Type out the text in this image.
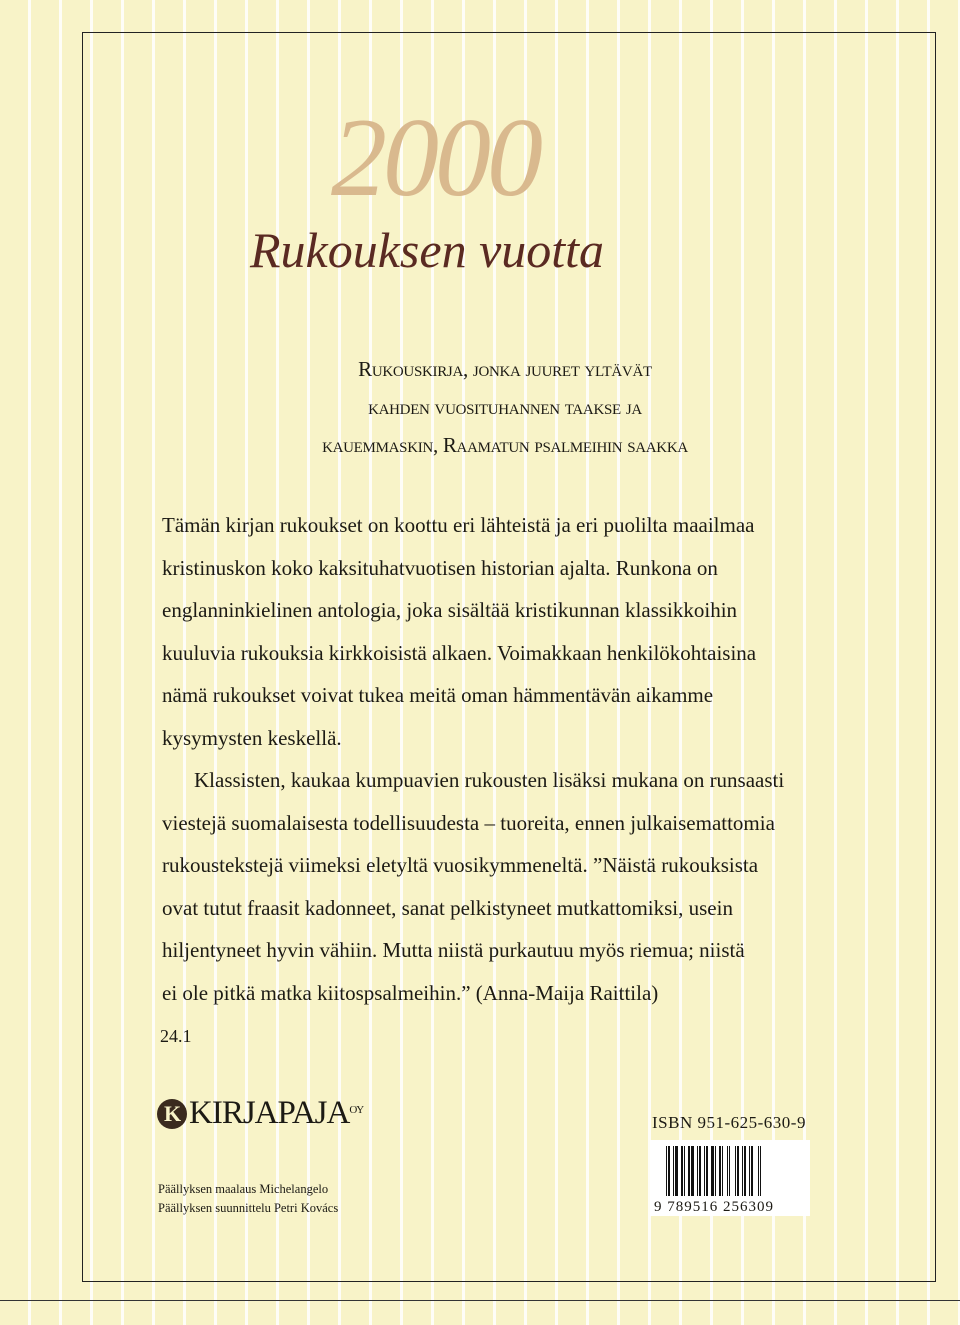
2000
Rukouksen vuotta
Rukouskirja, jonka juuret yltävät
kahden vuosituhannen taakse ja
kauemmaskin, Raamatun psalmeihin saakka
Tämän kirjan rukoukset on koottu eri lähteistä ja eri puolilta maailmaa
kristinuskon koko kaksituhatvuotisen historian ajalta. Runkona on
englanninkielinen antologia, joka sisältää kristikunnan klassikkoihin
kuuluvia rukouksia kirkkoisistä alkaen. Voimakkaan henkilökohtaisina
nämä rukoukset voivat tukea meitä oman hämmentävän aikamme
kysymysten keskellä.
Klassisten, kaukaa kumpuavien rukousten lisäksi mukana on runsaasti
viestejä suomalaisesta todellisuudesta – tuoreita, ennen julkaisemattomia
rukoustekstejä viimeksi eletyltä vuosikymmeneltä. ”Näistä rukouksista
ovat tutut fraasit kadonneet, sanat pelkistyneet mutkattomiksi, usein
hiljentyneet hyvin vähiin. Mutta niistä purkautuu myös riemua; niistä
ei ole pitkä matka kiitospsalmeihin.” (Anna-Maija Raittila)
24.1
K KIRJAPAJA OY
Päällyksen maalaus Michelangelo
Päällyksen suunnittelu Petri Kovács
ISBN 951-625-630-9
9 789516 256309
